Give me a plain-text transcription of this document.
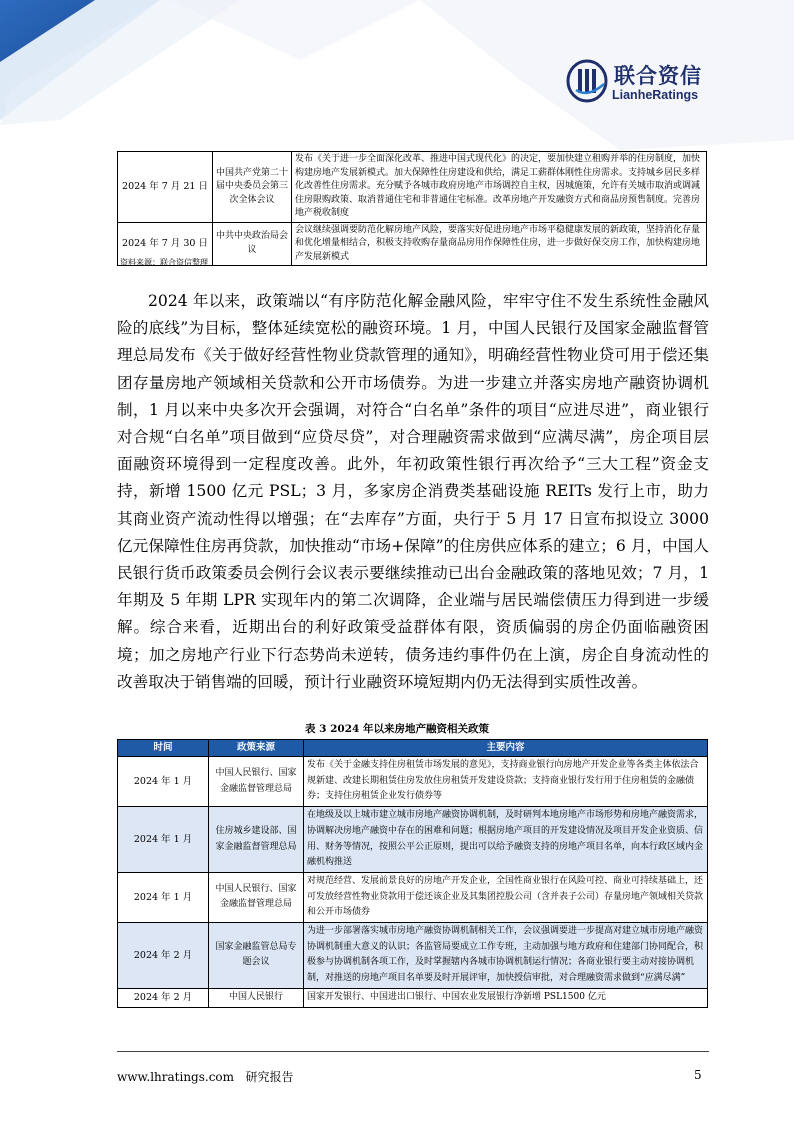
联合资信
LianheRatings
2024 年 7 月 21 日	中国共产党第二十届中央委员会第三次全体会议	发布《关于进一步全面深化改革、推进中国式现代化》的决定，要加快建立租购并举的住房制度，加快构建房地产发展新模式。加大保障性住房建设和供给，满足工薪群体刚性住房需求。支持城乡居民多样化改善性住房需求。充分赋予各城市政府房地产市场调控自主权，因城施策，允许有关城市取消或调减住房限购政策、取消普通住宅和非普通住宅标准。改革房地产开发融资方式和商品房预售制度。完善房地产税收制度
2024 年 7 月 30 日	中共中央政治局会议	会议继续强调要防范化解房地产风险，要落实好促进房地产市场平稳健康发展的新政策，坚持消化存量和优化增量相结合，积极支持收购存量商品房用作保障性住房，进一步做好保交房工作，加快构建房地产发展新模式
资料来源：联合资信整理

2024 年以来，政策端以“有序防范化解金融风险，牢牢守住不发生系统性金融风险的底线”为目标，整体延续宽松的融资环境。1 月，中国人民银行及国家金融监督管理总局发布《关于做好经营性物业贷款管理的通知》，明确经营性物业贷可用于偿还集团存量房地产领域相关贷款和公开市场债券。为进一步建立并落实房地产融资协调机制，1 月以来中央多次开会强调，对符合“白名单”条件的项目“应进尽进”，商业银行对合规“白名单”项目做到“应贷尽贷”，对合理融资需求做到“应满尽满”，房企项目层面融资环境得到一定程度改善。此外，年初政策性银行再次给予“三大工程”资金支持，新增 1500 亿元 PSL；3 月，多家房企消费类基础设施 REITs 发行上市，助力其商业资产流动性得以增强；在“去库存”方面，央行于 5 月 17 日宣布拟设立 3000 亿元保障性住房再贷款，加快推动“市场+保障”的住房供应体系的建立；6 月，中国人民银行货币政策委员会例行会议表示要继续推动已出台金融政策的落地见效；7 月，1 年期及 5 年期 LPR 实现年内的第二次调降，企业端与居民端偿债压力得到进一步缓解。综合来看，近期出台的利好政策受益群体有限，资质偏弱的房企仍面临融资困境；加之房地产行业下行态势尚未逆转，债务违约事件仍在上演，房企自身流动性的改善取决于销售端的回暖，预计行业融资环境短期内仍无法得到实质性改善。

表 3 2024 年以来房地产融资相关政策
时间	政策来源	主要内容
2024 年 1 月	中国人民银行、国家金融监督管理总局	发布《关于金融支持住房租赁市场发展的意见》，支持商业银行向房地产开发企业等各类主体依法合规新建、改建长期租赁住房发放住房租赁开发建设贷款；支持商业银行发行用于住房租赁的金融债券；支持住房租赁企业发行债券等
2024 年 1 月	住房城乡建设部、国家金融监督管理总局	在地级及以上城市建立城市房地产融资协调机制，及时研判本地房地产市场形势和房地产融资需求，协调解决房地产融资中存在的困难和问题；根据房地产项目的开发建设情况及项目开发企业资质、信用、财务等情况，按照公平公正原则，提出可以给予融资支持的房地产项目名单，向本行政区域内金融机构推送
2024 年 1 月	中国人民银行、国家金融监督管理总局	对规范经营、发展前景良好的房地产开发企业，全国性商业银行在风险可控、商业可持续基础上，还可发放经营性物业贷款用于偿还该企业及其集团控股公司（含并表子公司）存量房地产领域相关贷款和公开市场债券
2024 年 2 月	国家金融监管总局专题会议	为进一步部署落实城市房地产融资协调机制相关工作，会议强调要进一步提高对建立城市房地产融资协调机制重大意义的认识；各监管局要成立工作专班，主动加强与地方政府和住建部门协同配合，积极参与协调机制各项工作，及时掌握辖内各城市协调机制运行情况；各商业银行要主动对接协调机制，对推送的房地产项目名单要及时开展评审，加快授信审批，对合理融资需求做到“应满尽满”
2024 年 2 月	中国人民银行	国家开发银行、中国进出口银行、中国农业发展银行净新增 PSL1500 亿元
www.lhratings.com 研究报告	5
